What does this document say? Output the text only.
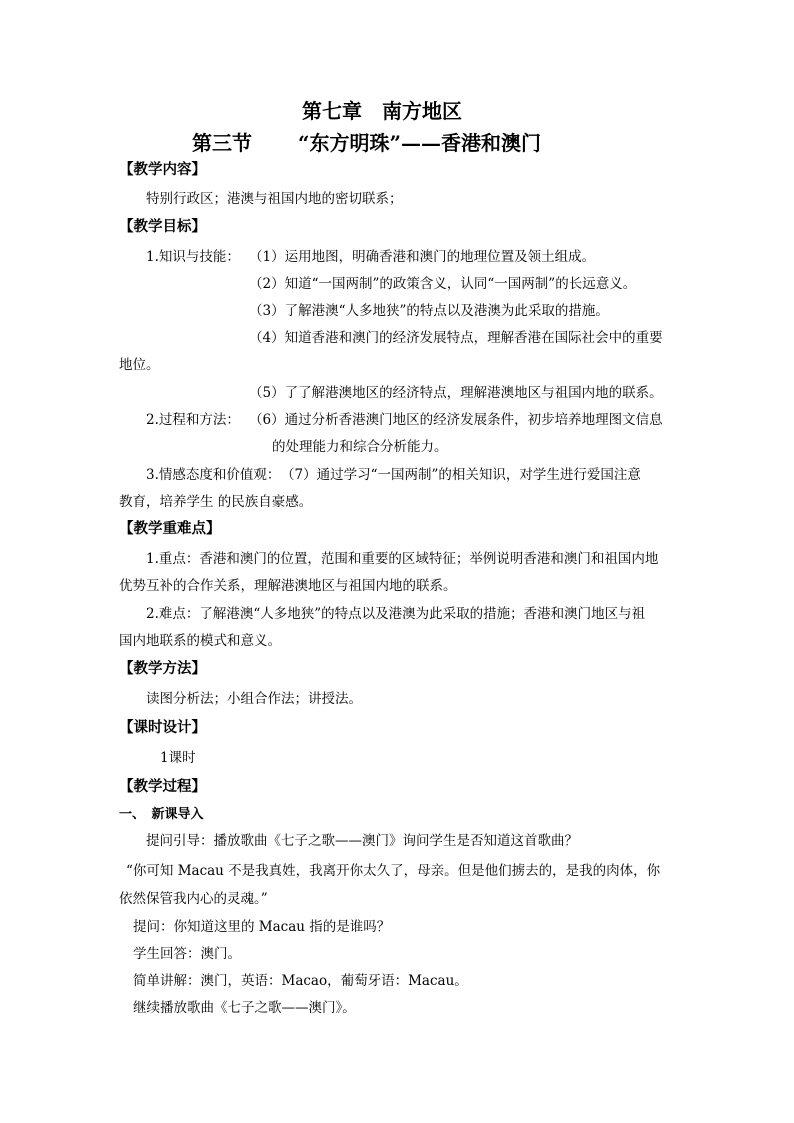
第七章　南方地区
第三节 “东方明珠”——香港和澳门
【教学内容】
特别行政区；港澳与祖国内地的密切联系；
【教学目标】
1.知识与技能： （1）运用地图，明确香港和澳门的地理位置及领土组成。
（2）知道“一国两制”的政策含义，认同“一国两制”的长远意义。
（3）了解港澳“人多地狭”的特点以及港澳为此采取的措施。
（4）知道香港和澳门的经济发展特点，理解香港在国际社会中的重要
地位。
（5）了了解港澳地区的经济特点，理解港澳地区与祖国内地的联系。
2.过程和方法： （6）通过分析香港澳门地区的经济发展条件，初步培养地理图文信息
的处理能力和综合分析能力。
3.情感态度和价值观： （7）通过学习“一国两制”的相关知识，对学生进行爱国注意
教育，培养学生 的民族自豪感。
【教学重难点】
1.重点：香港和澳门的位置，范围和重要的区域特征；举例说明香港和澳门和祖国内地
优势互补的合作关系，理解港澳地区与祖国内地的联系。
2.难点：了解港澳“人多地狭”的特点以及港澳为此采取的措施；香港和澳门地区与祖
国内地联系的模式和意义。
【教学方法】
读图分析法；小组合作法；讲授法。
【课时设计】
1课时
【教学过程】
一、　新课导入
提问引导：播放歌曲《七子之歌——澳门》询问学生是否知道这首歌曲？
“你可知 Macau 不是我真姓，我离开你太久了，母亲。但是他们掳去的，是我的肉体，你
依然保管我内心的灵魂。”
提问：你知道这里的 Macau 指的是谁吗？
学生回答：澳门。
简单讲解：澳门，英语：Macao，葡萄牙语：Macau。
继续播放歌曲《七子之歌——澳门》。
